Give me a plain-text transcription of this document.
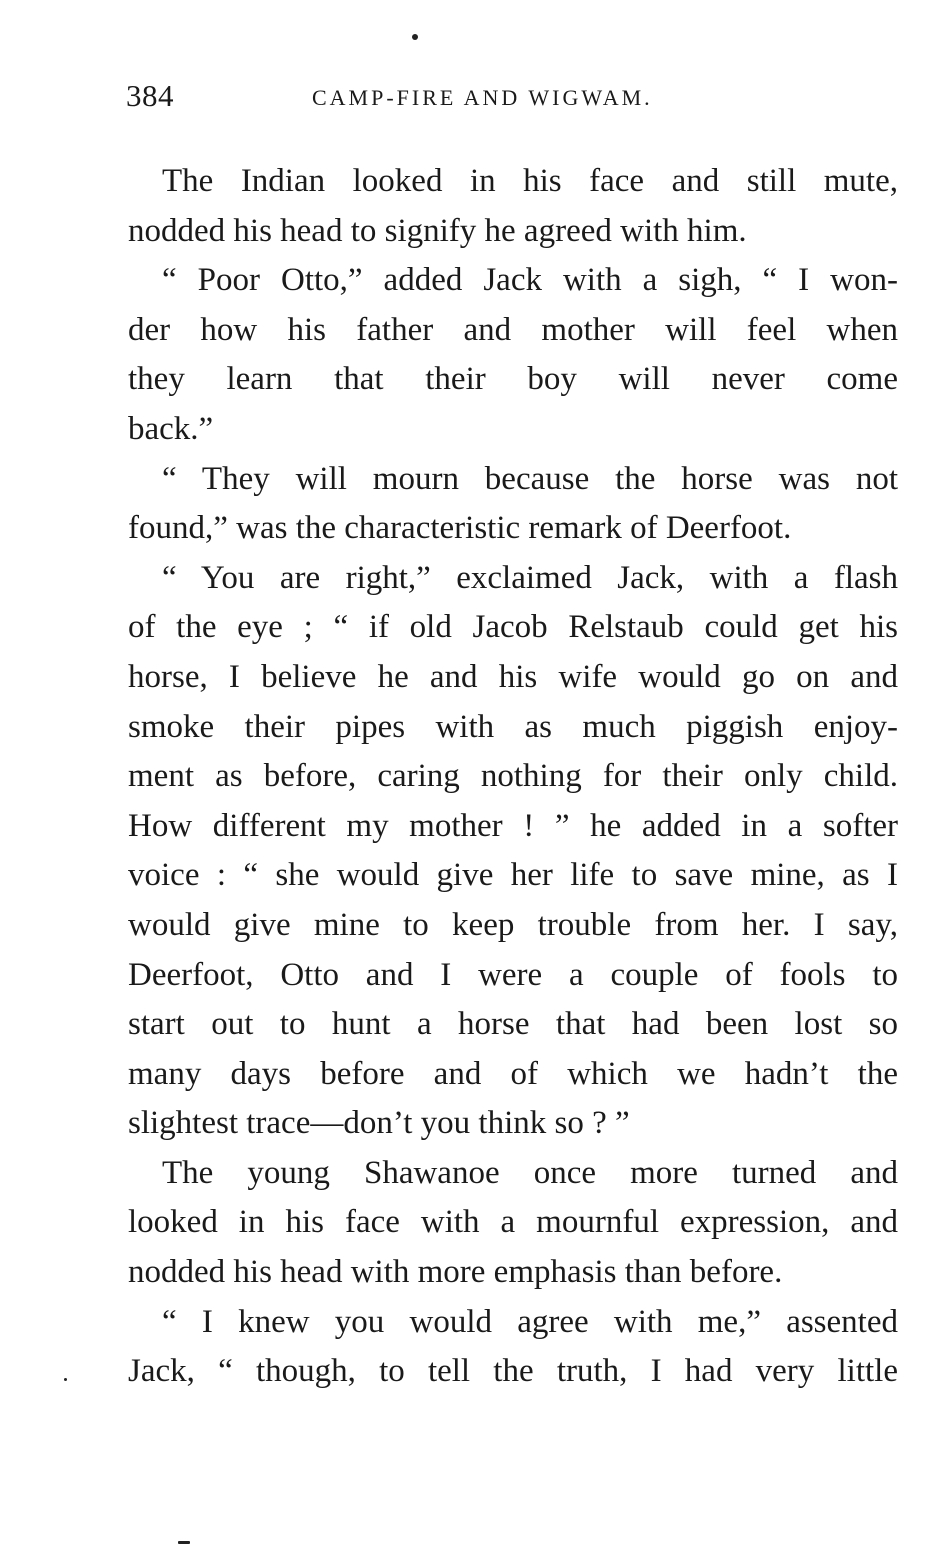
384	CAMP-FIRE AND WIGWAM.
The Indian looked in his face and still mute,
nodded his head to signify he agreed with him.
“ Poor Otto,” added Jack with a sigh, “ I won-
der how his father and mother will feel when
they learn that their boy will never come
back.”
“ They will mourn because the horse was not
found,” was the characteristic remark of Deerfoot.
“ You are right,” exclaimed Jack, with a flash
of the eye ; “ if old Jacob Relstaub could get his
horse, I believe he and his wife would go on and
smoke their pipes with as much piggish enjoy-
ment as before, caring nothing for their only child.
How different my mother ! ” he added in a softer
voice : “ she would give her life to save mine, as I
would give mine to keep trouble from her. I say,
Deerfoot, Otto and I were a couple of fools to
start out to hunt a horse that had been lost so
many days before and of which we hadn’t the
slightest trace—don’t you think so ? ”
The young Shawanoe once more turned and
looked in his face with a mournful expression, and
nodded his head with more emphasis than before.
“ I knew you would agree with me,” assented
Jack, “ though, to tell the truth, I had very little
